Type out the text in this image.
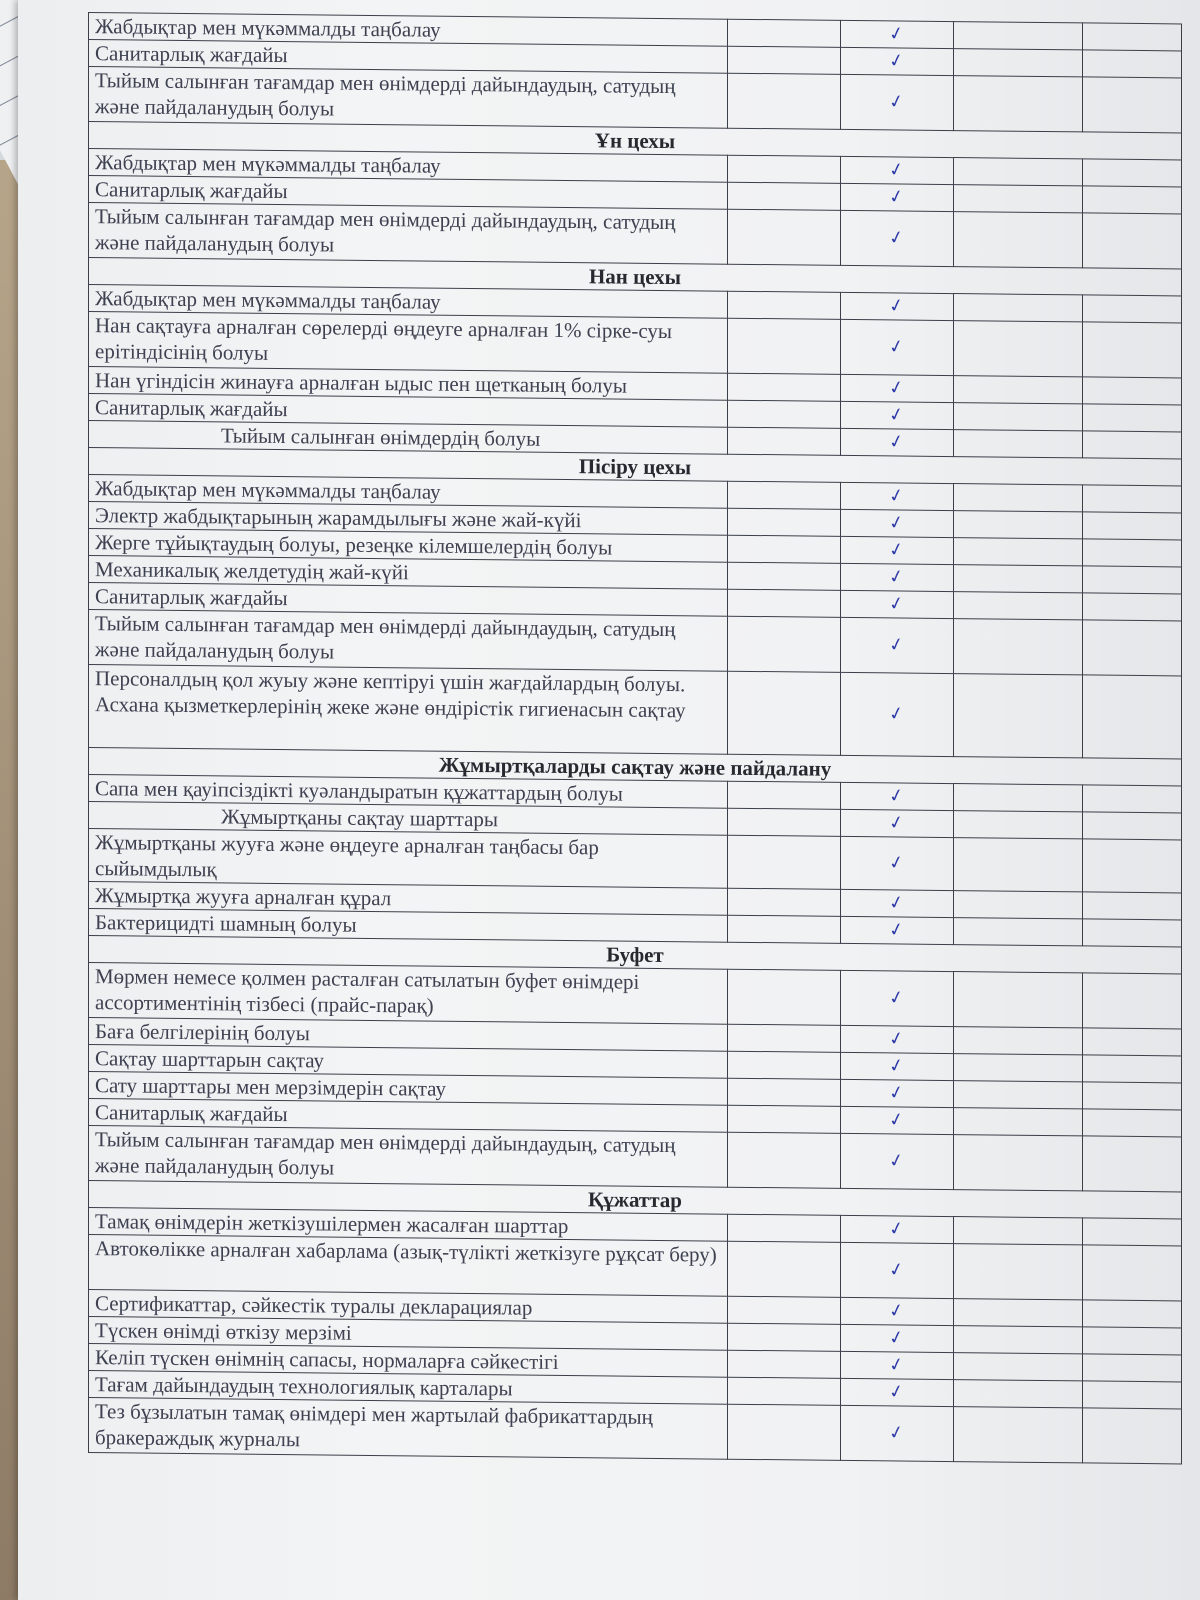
Жабдықтар мен мүкәммалды таңбалау		✓		
Санитарлық жағдайы		✓		
Тыйым салынған тағамдар мен өнімдерді дайындаудың, сатудың және пайдаланудың болуы		✓		
Ұн цехы				
Жабдықтар мен мүкәммалды таңбалау		✓		
Санитарлық жағдайы		✓		
Тыйым салынған тағамдар мен өнімдерді дайындаудың, сатудың және пайдаланудың болуы		✓		
Нан цехы				
Жабдықтар мен мүкәммалды таңбалау		✓		
Нан сақтауға арналған сөрелерді өңдеуге арналған 1% сірке-суы ерітіндісінің болуы		✓		
Нан үгіндісін жинауға арналған ыдыс пен щетканың болуы		✓		
Санитарлық жағдайы		✓		
Тыйым салынған өнімдердің болуы		✓		
Пісіру цехы				
Жабдықтар мен мүкәммалды таңбалау		✓		
Электр жабдықтарының жарамдылығы және жай-күйі		✓		
Жерге тұйықтаудың болуы, резеңке кілемшелердің болуы		✓		
Механикалық желдетудің жай-күйі		✓		
Санитарлық жағдайы		✓		
Тыйым салынған тағамдар мен өнімдерді дайындаудың, сатудың және пайдаланудың болуы		✓		
Персоналдың қол жуыу және кептіруі үшін жағдайлардың болуы. Асхана қызметкерлерінің жеке және өндірістік гигиенасын сақтау		✓		
Жұмыртқаларды сақтау және пайдалану				
Сапа мен қауіпсіздікті куәландыратын құжаттардың болуы		✓		
Жұмыртқаны сақтау шарттары		✓		
Жұмыртқаны жууға және өңдеуге арналған таңбасы бар сыйымдылық		✓		
Жұмыртқа жууға арналған құрал		✓		
Бактерицидті шамның болуы		✓		
Буфет				
Мөрмен немесе қолмен расталған сатылатын буфет өнімдері ассортиментінің тізбесі (прайс-парақ)		✓		
Баға белгілерінің болуы		✓		
Сақтау шарттарын сақтау		✓		
Сату шарттары мен мерзімдерін сақтау		✓		
Санитарлық жағдайы		✓		
Тыйым салынған тағамдар мен өнімдерді дайындаудың, сатудың және пайдаланудың болуы		✓		
Құжаттар				
Тамақ өнімдерін жеткізушілермен жасалған шарттар		✓		
Автокөлікке арналған хабарлама (азық-түлікті жеткізуге рұқсат беру)		✓		
Сертификаттар, сәйкестік туралы декларациялар		✓		
Түскен өнімді өткізу мерзімі		✓		
Келіп түскен өнімнің сапасы, нормаларға сәйкестігі		✓		
Тағам дайындаудың технологиялық карталары		✓		
Тез бұзылатын тамақ өнімдері мен жартылай фабрикаттардың бракераждық журналы		✓		
